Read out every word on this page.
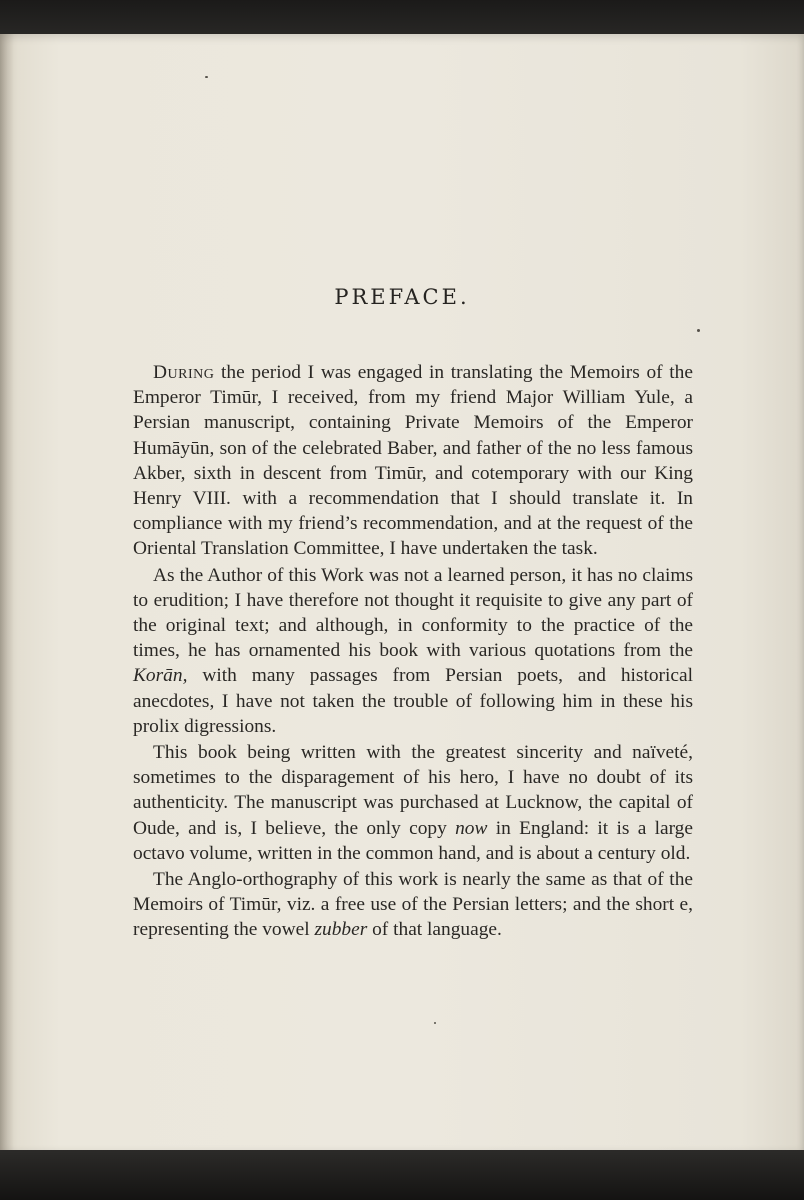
PREFACE.

During the period I was engaged in translating the Memoirs of the Emperor Timūr, I received, from my friend Major William Yule, a Persian manuscript, containing Private Memoirs of the Emperor Humāyūn, son of the celebrated Baber, and father of the no less famous Akber, sixth in descent from Timūr, and cotemporary with our King Henry VIII. with a recommendation that I should translate it. In compliance with my friend’s recommendation, and at the request of the Oriental Translation Committee, I have undertaken the task.

As the Author of this Work was not a learned person, it has no claims to erudition; I have therefore not thought it requisite to give any part of the original text; and although, in conformity to the practice of the times, he has ornamented his book with various quotations from the Korān, with many passages from Persian poets, and historical anecdotes, I have not taken the trouble of following him in these his prolix digressions.

This book being written with the greatest sincerity and naïveté, sometimes to the disparagement of his hero, I have no doubt of its authenticity. The manuscript was purchased at Lucknow, the capital of Oude, and is, I believe, the only copy now in England: it is a large octavo volume, written in the common hand, and is about a century old.

The Anglo-orthography of this work is nearly the same as that of the Memoirs of Timūr, viz. a free use of the Persian letters; and the short e, representing the vowel zubber of that language.
